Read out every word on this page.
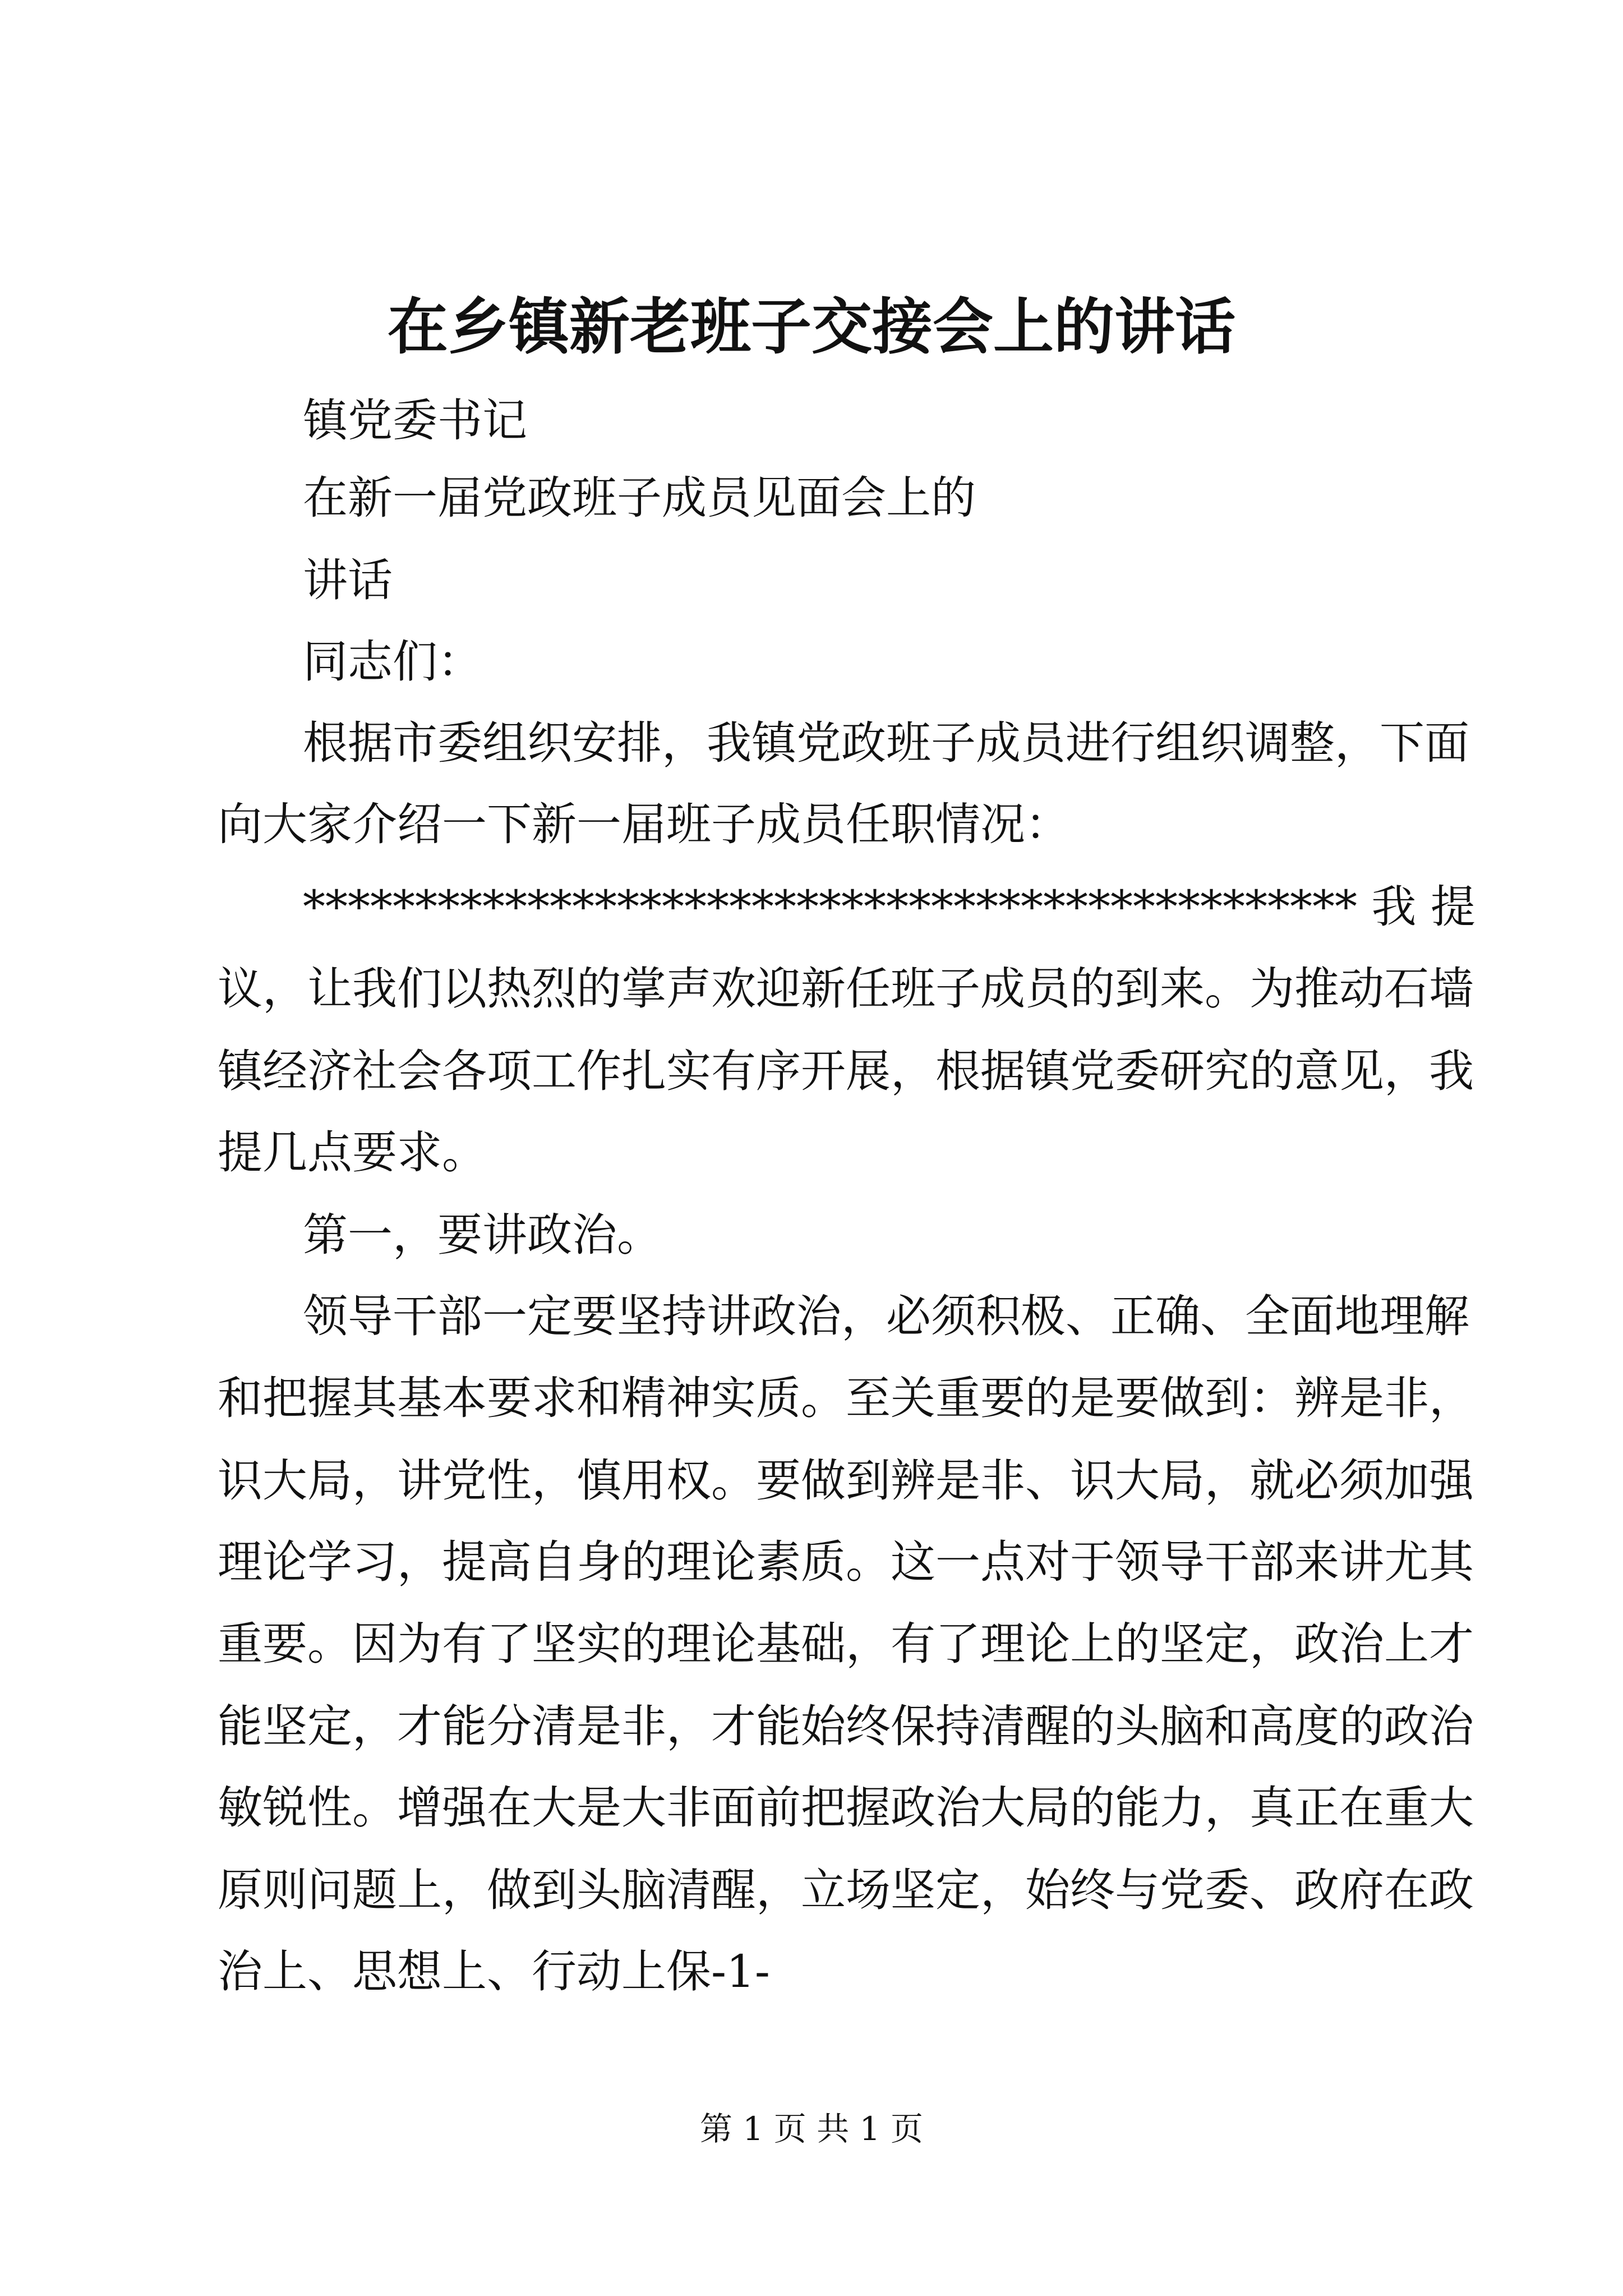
在乡镇新老班子交接会上的讲话
镇党委书记
在新一届党政班子成员见面会上的
讲话
同志们：
根据市委组织安排，我镇党政班子成员进行组织调整，下面
向大家介绍一下新一届班子成员任职情况：
*********************************************** 我 提
议，让我们以热烈的掌声欢迎新任班子成员的到来。为推动石墙
镇经济社会各项工作扎实有序开展，根据镇党委研究的意见，我
提几点要求。
第一，要讲政治。
领导干部一定要坚持讲政治，必须积极、正确、全面地理解
和把握其基本要求和精神实质。至关重要的是要做到：辨是非，
识大局，讲党性，慎用权。要做到辨是非、识大局，就必须加强
理论学习，提高自身的理论素质。这一点对于领导干部来讲尤其
重要。因为有了坚实的理论基础，有了理论上的坚定，政治上才
能坚定，才能分清是非，才能始终保持清醒的头脑和高度的政治
敏锐性。增强在大是大非面前把握政治大局的能力，真正在重大
原则问题上，做到头脑清醒，立场坚定，始终与党委、政府在政
治上、思想上、行动上保-1-
第 1 页 共 1 页
